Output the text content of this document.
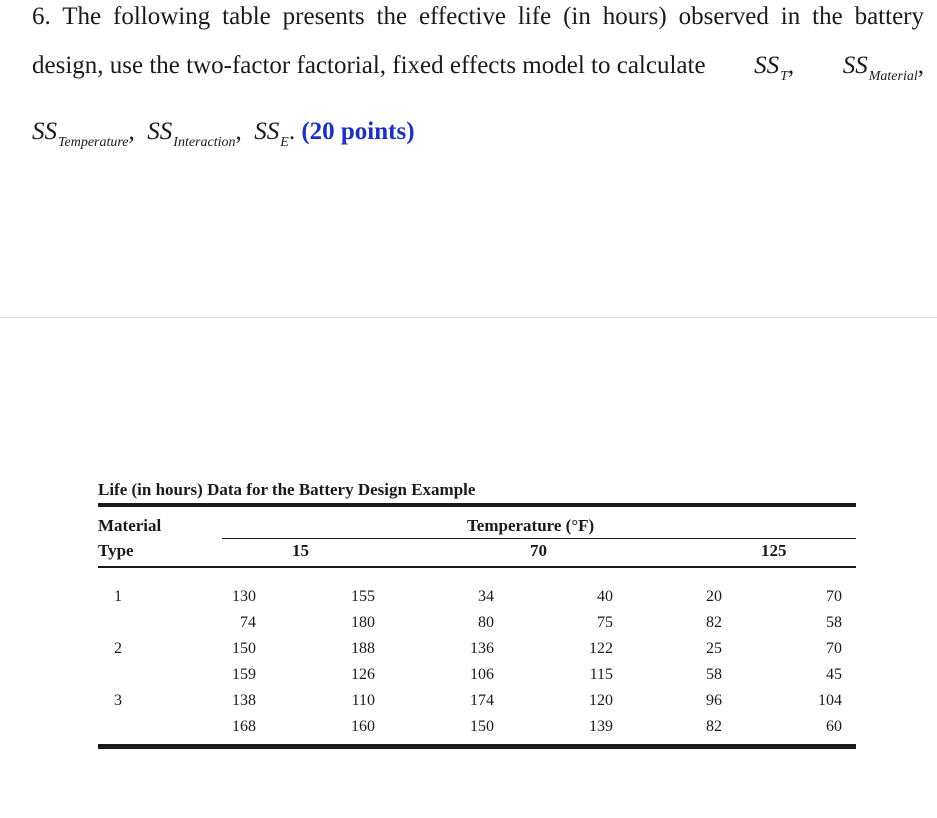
6. The following table presents the effective life (in hours) observed in the battery
design, use the two-factor factorial, fixed effects model to calculate $SS_T$, $SS_{Material}$,
$SS_{Temperature}$, $SS_{Interaction}$, $SS_E$. (20 points)
Life (in hours) Data for the Battery Design Example
Material
Type
Temperature (°F)
15	70	125
1	130	155	34	40	20	70
74	180	80	75	82	58
2	150	188	136	122	25	70
159	126	106	115	58	45
3	138	110	174	120	96	104
168	160	150	139	82	60
